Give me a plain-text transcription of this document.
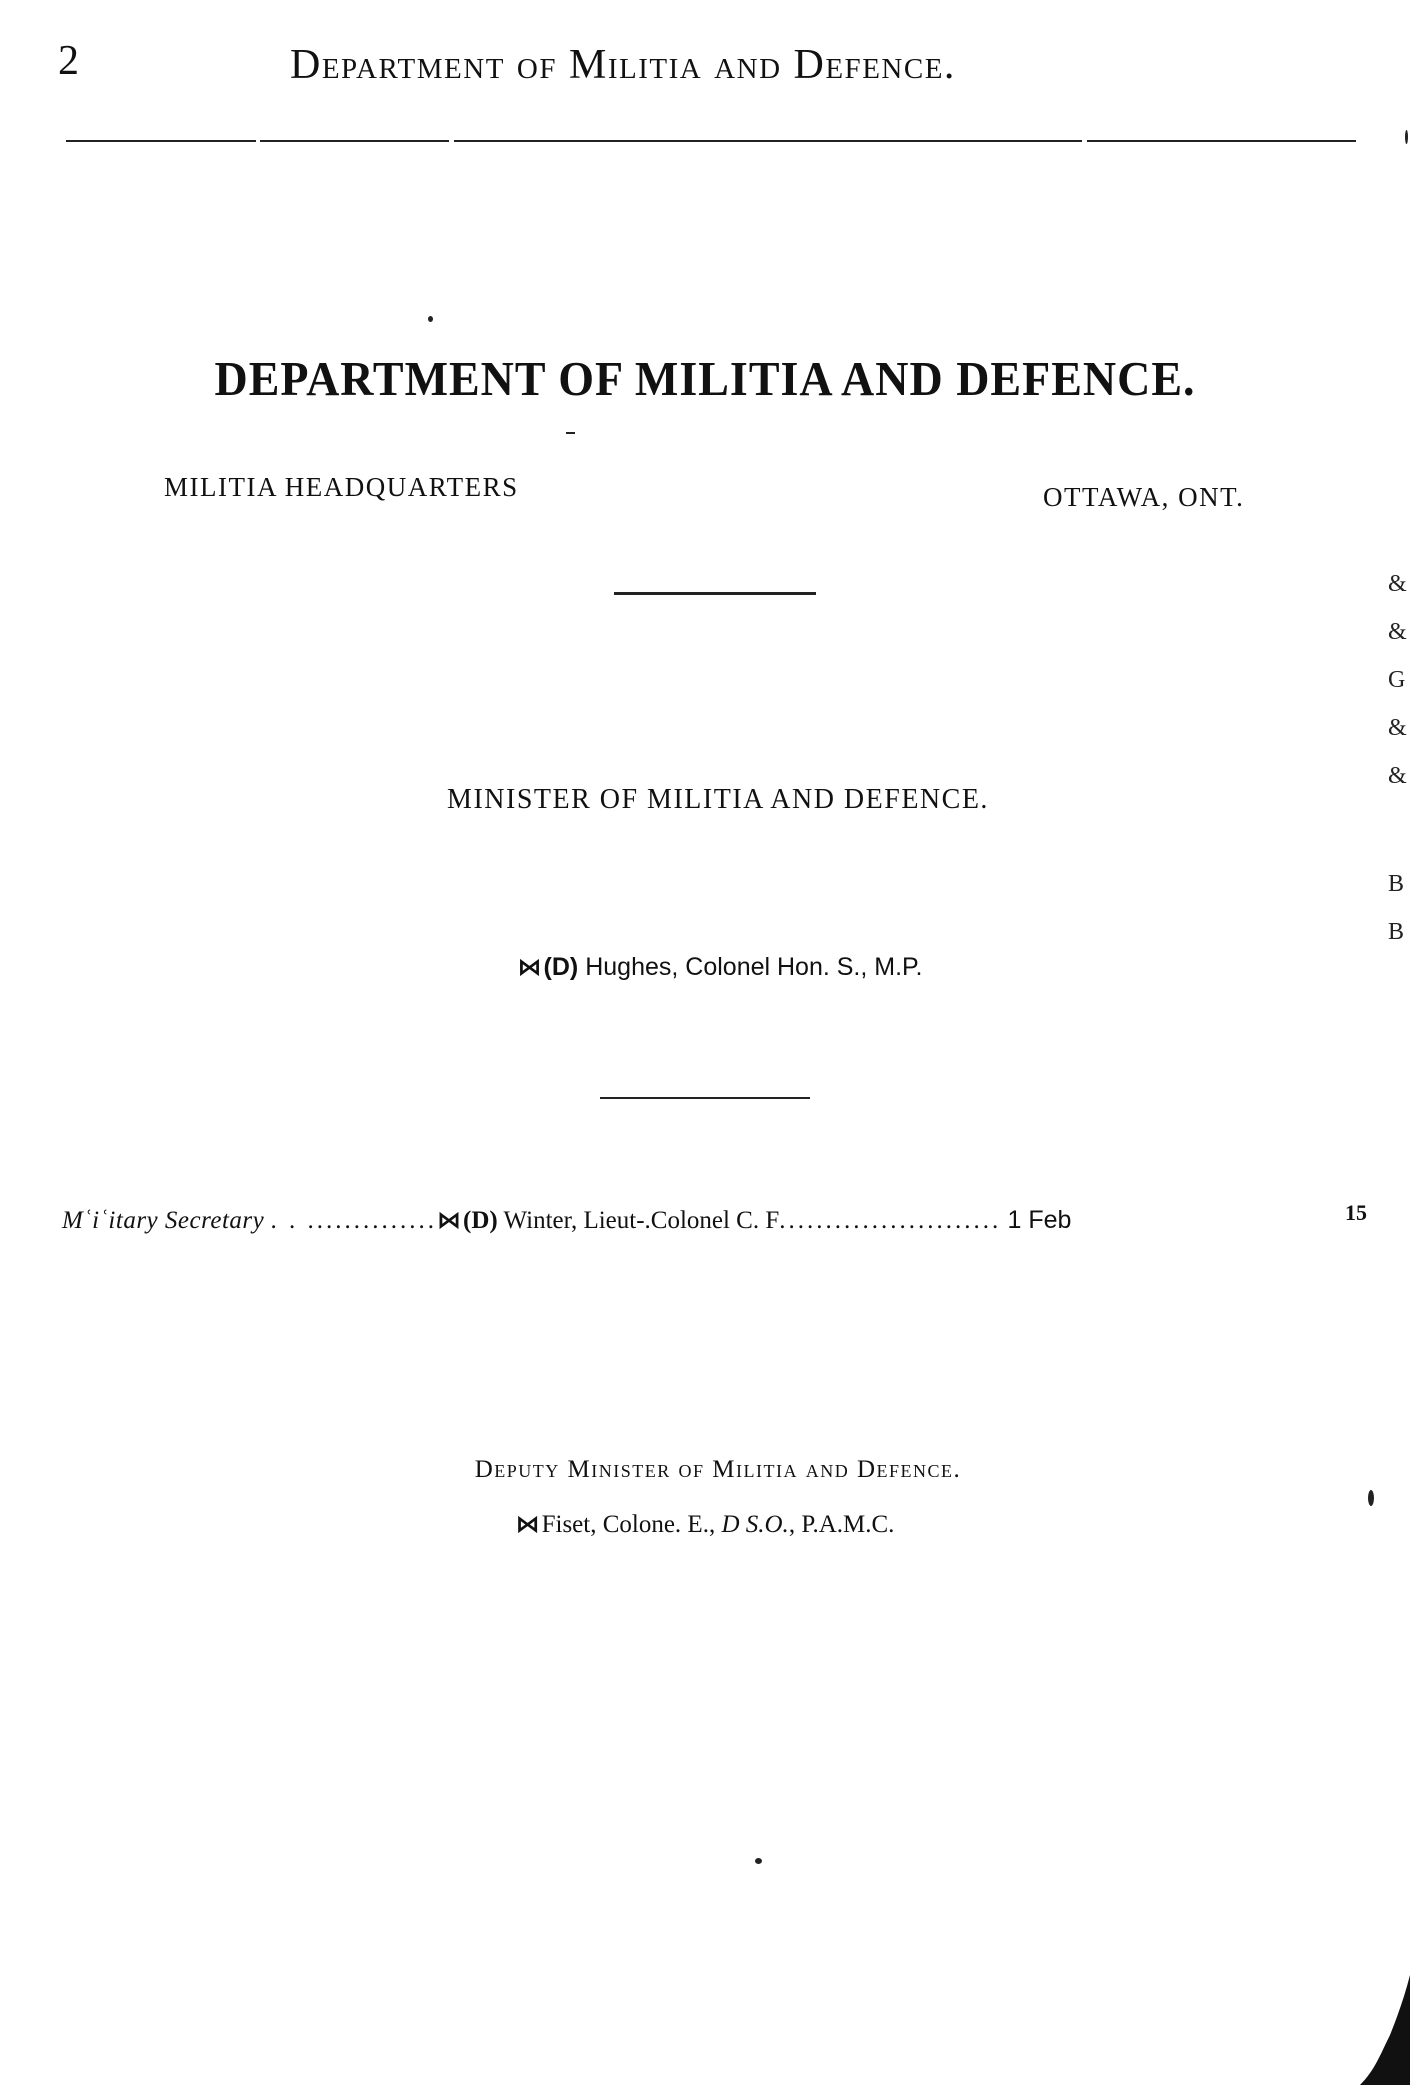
2	Department of Militia and Defence.
DEPARTMENT OF MILITIA AND DEFENCE.
MILITIA HEADQUARTERS	OTTAWA, ONT.
MINISTER OF MILITIA AND DEFENCE.
⋈(D) Hughes, Colonel Hon. S., M.P.
Mʿiʿitary Secretary . . ..............⋈(D) Winter, Lieut-.Colonel C. F........................ 1 Feb	15
Deputy Minister of Militia and Defence.
⋈Fiset, Colone. E., D S.O., P.A.M.C.
&
&
G
&
&
B
B
